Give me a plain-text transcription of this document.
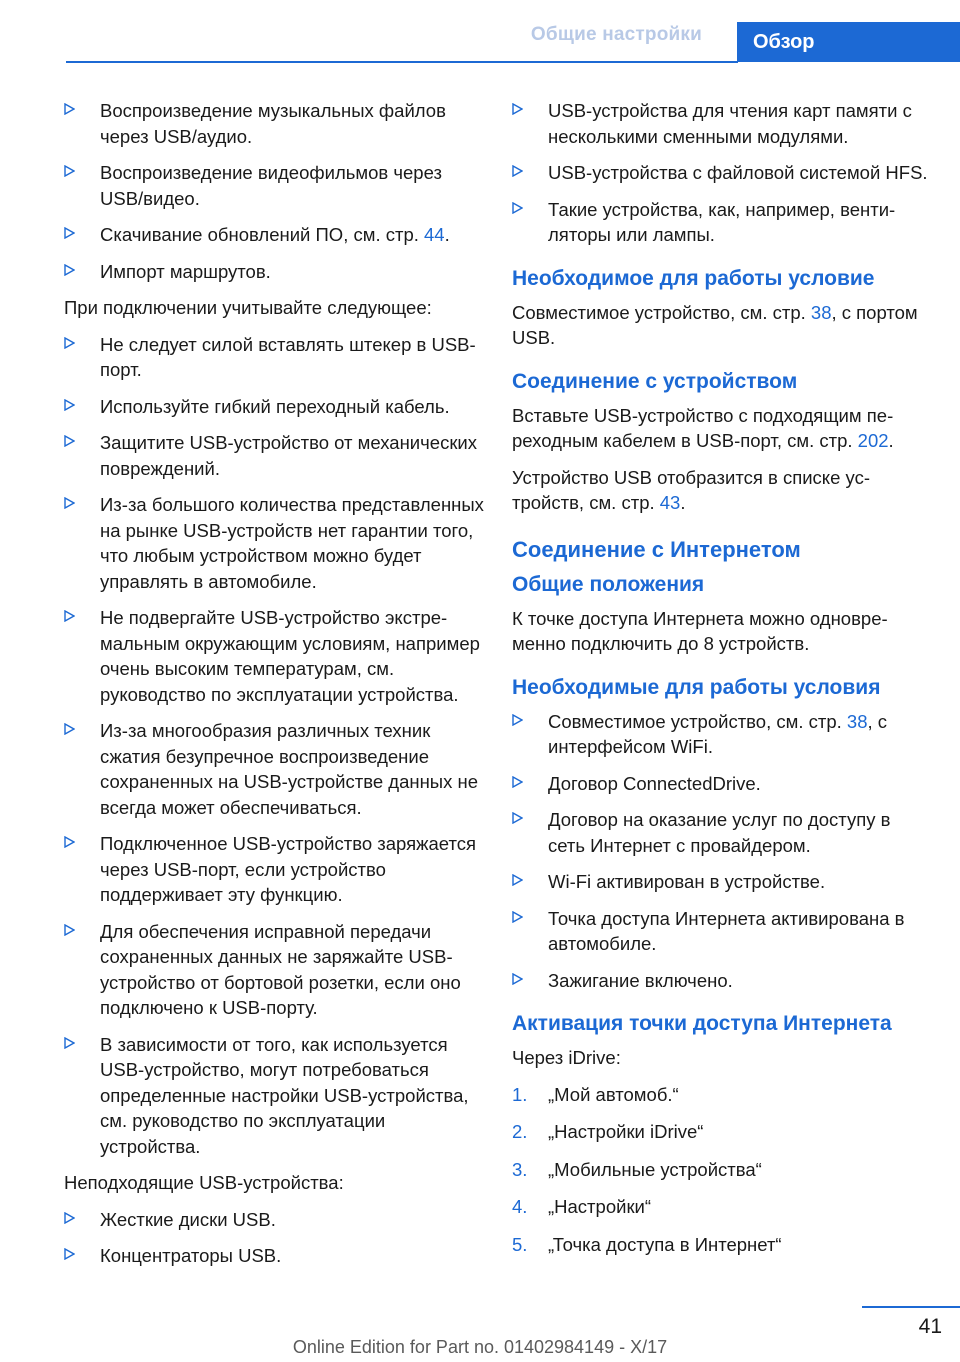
Общие настройки	Обзор
Воспроизведение музыкальных файлов через USB/аудио.
Воспроизведение видеофильмов через USB/видео.
Скачивание обновлений ПО, см. стр. 44.
Импорт маршрутов.
При подключении учитывайте следующее:
Не следует силой вставлять штекер в USB-порт.
Используйте гибкий переходный кабель.
Защитите USB-устройство от механических повреждений.
Из-за большого количества представленных на рынке USB-устройств нет гарантии того, что любым устройством можно будет управлять в автомобиле.
Не подвергайте USB-устройство экстремальным окружающим условиям, например очень высоким температурам, см. руководство по эксплуатации устройства.
Из-за многообразия различных техник сжатия безупречное воспроизведение сохраненных на USB-устройстве данных не всегда может обеспечиваться.
Подключенное USB-устройство заряжается через USB-порт, если устройство поддерживает эту функцию.
Для обеспечения исправной передачи сохраненных данных не заряжайте USB-устройство от бортовой розетки, если оно подключено к USB-порту.
В зависимости от того, как используется USB-устройство, могут потребоваться определенные настройки USB-устройства, см. руководство по эксплуатации устройства.
Неподходящие USB-устройства:
Жесткие диски USB.
Концентраторы USB.
USB-устройства для чтения карт памяти с несколькими сменными модулями.
USB-устройства с файловой системой HFS.
Такие устройства, как, например, вентиляторы или лампы.
Необходимое для работы условие
Совместимое устройство, см. стр. 38, с портом USB.
Соединение с устройством
Вставьте USB-устройство с подходящим переходным кабелем в USB-порт, см. стр. 202.
Устройство USB отобразится в списке устройств, см. стр. 43.
Соединение с Интернетом
Общие положения
К точке доступа Интернета можно одновременно подключить до 8 устройств.
Необходимые для работы условия
Совместимое устройство, см. стр. 38, с интерфейсом WiFi.
Договор ConnectedDrive.
Договор на оказание услуг по доступу в сеть Интернет с провайдером.
Wi-Fi активирован в устройстве.
Точка доступа Интернета активирована в автомобиле.
Зажигание включено.
Активация точки доступа Интернета
Через iDrive:
1. „Мой автомоб.“
2. „Настройки iDrive“
3. „Мобильные устройства“
4. „Настройки“
5. „Точка доступа в Интернет“
41
Online Edition for Part no. 01402984149 - X/17
